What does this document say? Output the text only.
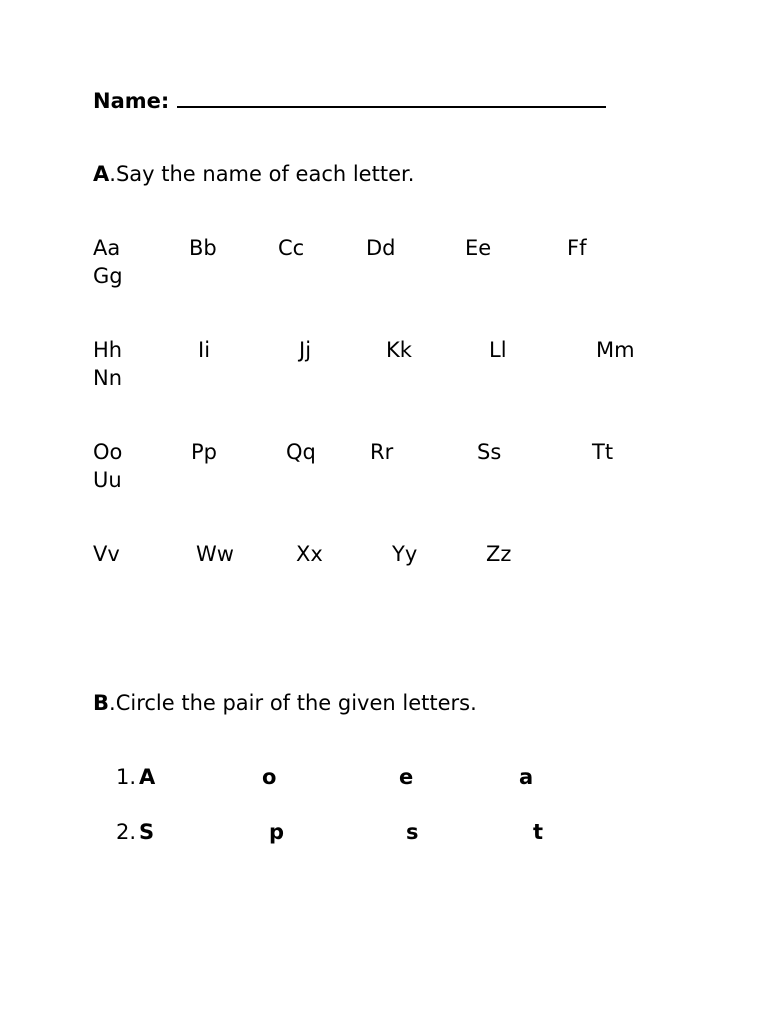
Name:
A.Say the name of each letter.
Aa	Bb	Cc	Dd	Ee	Ff
Gg
Hh	Ii	Jj	Kk	Ll	Mm
Nn
Oo	Pp	Qq	Rr	Ss	Tt
Uu
Vv	Ww	Xx	Yy	Zz
B.Circle the pair of the given letters.
1. A	o	e	a
2. S	p	s	t
